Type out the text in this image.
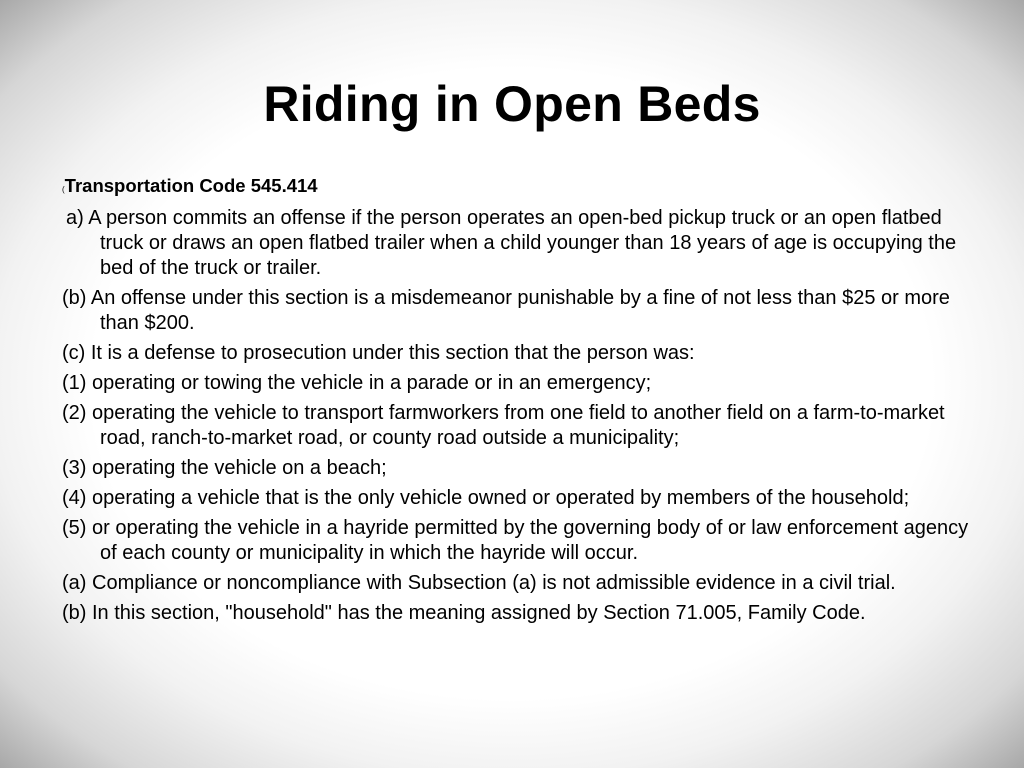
Riding in Open Beds
(Transportation Code 545.414
a) A person commits an offense if the person operates an open-bed pickup truck or an open flatbed truck or draws an open flatbed trailer when a child younger than 18 years of age is occupying the bed of the truck or trailer.
(b) An offense under this section is a misdemeanor punishable by a fine of not less than $25 or more than $200.
(c) It is a defense to prosecution under this section that the person was:
(1) operating or towing the vehicle in a parade or in an emergency;
(2) operating the vehicle to transport farmworkers from one field to another field on a farm-to-market road, ranch-to-market road, or county road outside a municipality;
(3) operating the vehicle on a beach;
(4) operating a vehicle that is the only vehicle owned or operated by members of the household;
(5) or operating the vehicle in a hayride permitted by the governing body of or law enforcement agency of each county or municipality in which the hayride will occur.
(a) Compliance or noncompliance with Subsection (a) is not admissible evidence in a civil trial.
(b) In this section, "household" has the meaning assigned by Section 71.005, Family Code.
